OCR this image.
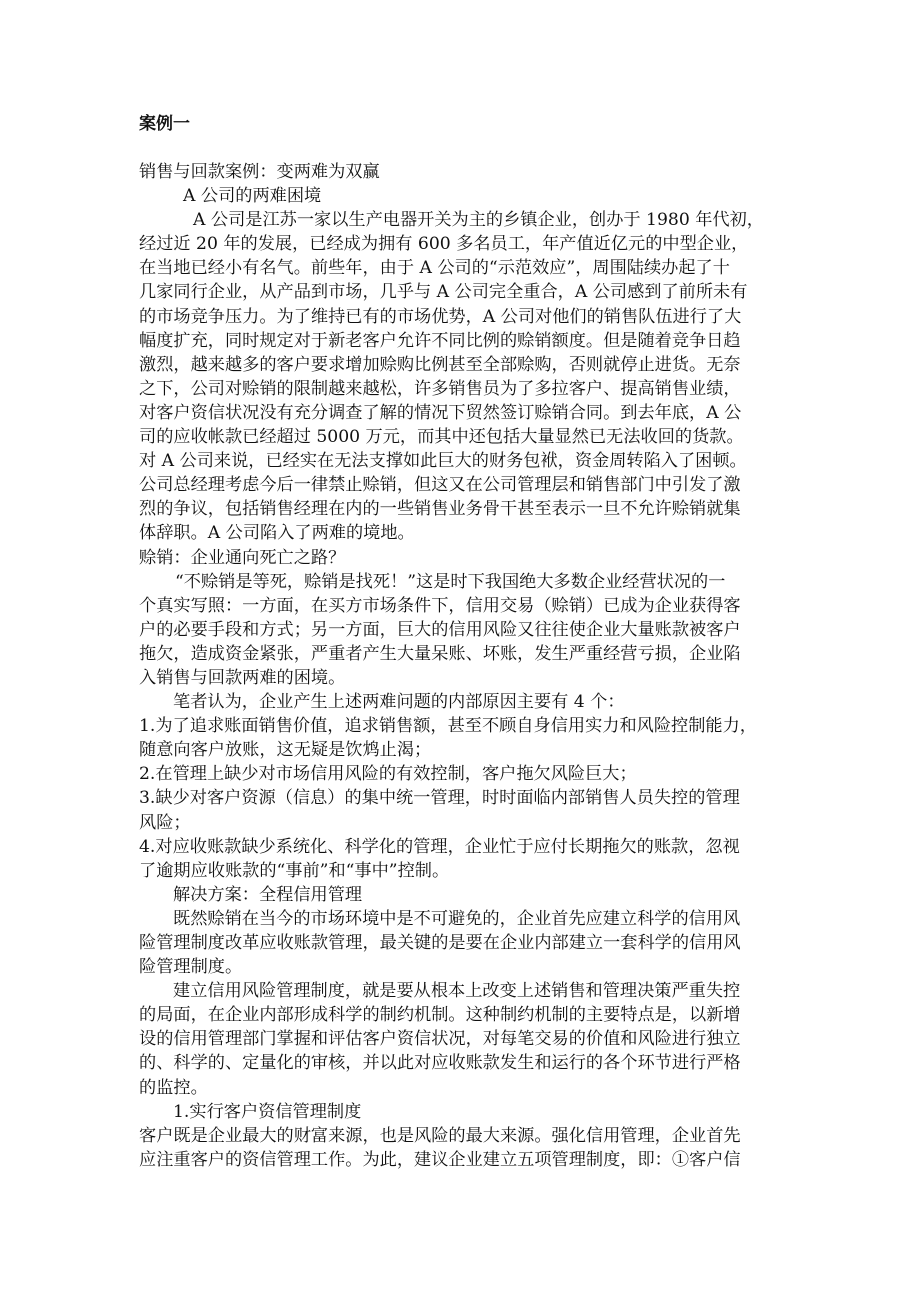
案例一
销售与回款案例：变两难为双赢
A 公司的两难困境
A 公司是江苏一家以生产电器开关为主的乡镇企业，创办于 1980 年代初，
经过近 20 年的发展，已经成为拥有 600 多名员工，年产值近亿元的中型企业，
在当地已经小有名气。前些年，由于 A 公司的“示范效应”，周围陆续办起了十
几家同行企业，从产品到市场，几乎与 A 公司完全重合，A 公司感到了前所未有
的市场竞争压力。为了维持已有的市场优势，A 公司对他们的销售队伍进行了大
幅度扩充，同时规定对于新老客户允许不同比例的赊销额度。但是随着竞争日趋
激烈，越来越多的客户要求增加赊购比例甚至全部赊购，否则就停止进货。无奈
之下，公司对赊销的限制越来越松，许多销售员为了多拉客户、提高销售业绩，
对客户资信状况没有充分调查了解的情况下贸然签订赊销合同。到去年底，A 公
司的应收帐款已经超过 5000 万元，而其中还包括大量显然已无法收回的货款。
对 A 公司来说，已经实在无法支撑如此巨大的财务包袱，资金周转陷入了困顿。
公司总经理考虑今后一律禁止赊销，但这又在公司管理层和销售部门中引发了激
烈的争议，包括销售经理在内的一些销售业务骨干甚至表示一旦不允许赊销就集
体辞职。A 公司陷入了两难的境地。
赊销：企业通向死亡之路？
“不赊销是等死，赊销是找死！”这是时下我国绝大多数企业经营状况的一
个真实写照：一方面，在买方市场条件下，信用交易（赊销）已成为企业获得客
户的必要手段和方式；另一方面，巨大的信用风险又往往使企业大量账款被客户
拖欠，造成资金紧张，严重者产生大量呆账、坏账，发生严重经营亏损，企业陷
入销售与回款两难的困境。
笔者认为，企业产生上述两难问题的内部原因主要有 4 个：
1.为了追求账面销售价值，追求销售额，甚至不顾自身信用实力和风险控制能力，
随意向客户放账，这无疑是饮鸩止渴；
2.在管理上缺少对市场信用风险的有效控制，客户拖欠风险巨大；
3.缺少对客户资源（信息）的集中统一管理，时时面临内部销售人员失控的管理
风险；
4.对应收账款缺少系统化、科学化的管理，企业忙于应付长期拖欠的账款，忽视
了逾期应收账款的“事前”和“事中”控制。
解决方案：全程信用管理
既然赊销在当今的市场环境中是不可避免的，企业首先应建立科学的信用风
险管理制度改革应收账款管理，最关键的是要在企业内部建立一套科学的信用风
险管理制度。
建立信用风险管理制度，就是要从根本上改变上述销售和管理决策严重失控
的局面，在企业内部形成科学的制约机制。这种制约机制的主要特点是，以新增
设的信用管理部门掌握和评估客户资信状况，对每笔交易的价值和风险进行独立
的、科学的、定量化的审核，并以此对应收账款发生和运行的各个环节进行严格
的监控。
1.实行客户资信管理制度
客户既是企业最大的财富来源，也是风险的最大来源。强化信用管理，企业首先
应注重客户的资信管理工作。为此，建议企业建立五项管理制度，即：①客户信
